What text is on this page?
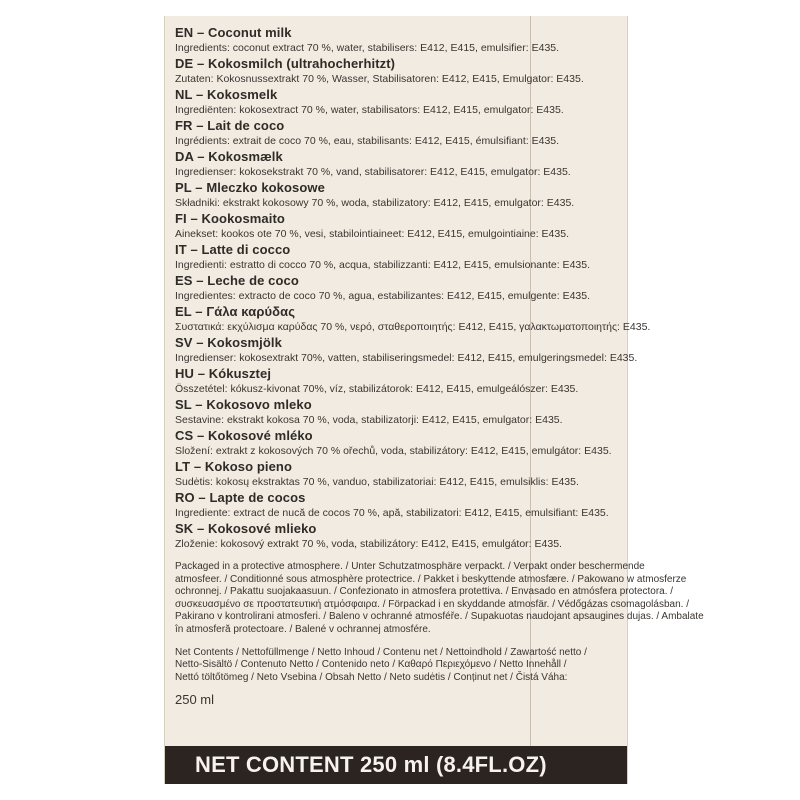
EN – Coconut milk
Ingredients: coconut extract 70 %, water, stabilisers: E412, E415, emulsifier: E435.
DE – Kokosmilch (ultrahocherhitzt)
Zutaten: Kokosnussextrakt 70 %, Wasser, Stabilisatoren: E412, E415, Emulgator: E435.
NL – Kokosmelk
Ingrediënten: kokosextract 70 %, water, stabilisators: E412, E415, emulgator: E435.
FR – Lait de coco
Ingrédients: extrait de coco 70 %, eau, stabilisants: E412, E415, émulsifiant: E435.
DA – Kokosmælk
Ingredienser: kokosekstrakt 70 %, vand, stabilisatorer: E412, E415, emulgator: E435.
PL – Mleczko kokosowe
Składniki: ekstrakt kokosowy 70 %, woda, stabilizatory: E412, E415, emulgator: E435.
FI – Kookosmaito
Ainekset: kookos ote 70 %, vesi, stabilointiaineet: E412, E415, emulgointiaine: E435.
IT – Latte di cocco
Ingredienti: estratto di cocco 70 %, acqua, stabilizzanti: E412, E415, emulsionante: E435.
ES – Leche de coco
Ingredientes: extracto de coco 70 %, agua, estabilizantes: E412, E415, emulgente: E435.
EL – Γάλα καρύδας
Συστατικά: εκχύλισμα καρύδας 70 %, νερό, σταθεροποιητής: E412, E415, γαλακτωματοποιητής: E435.
SV – Kokosmjölk
Ingredienser: kokosextrakt 70%, vatten, stabiliseringsmedel: E412, E415, emulgeringsmedel: E435.
HU – Kókusztej
Összetétel: kókusz-kivonat 70%, víz, stabilizátorok: E412, E415, emulgeálószer: E435.
SL – Kokosovo mleko
Sestavine: ekstrakt kokosa 70 %, voda, stabilizatorji: E412, E415, emulgator: E435.
CS – Kokosové mléko
Složení: extrakt z kokosových 70 % ořechů, voda, stabilizátory: E412, E415, emulgátor: E435.
LT – Kokoso pienо
Sudėtis: kokosų ekstraktas 70 %, vanduo, stabilizatoriai: E412, E415, emulsiklis: E435.
RO – Lapte de cocos
Ingrediente: extract de nucă de cocos 70 %, apă, stabilizatori: E412, E415, emulsifiant: E435.
SK – Kokosové mlieko
Zloženie: kokosový extrakt 70 %, voda, stabilizátory: E412, E415, emulgátor: E435.
Packaged in a protective atmosphere. / Unter Schutzatmosphäre verpackt. / Verpakt onder beschermende
atmosfeer. / Conditionné sous atmosphère protectrice. / Pakket i beskyttende atmosfære. / Pakowano w atmosferze
ochronnej. / Pakattu suojakaasuun. / Confezionato in atmosfera protettiva. / Envasado en atmósfera protectora. /
συσκευασμένο σε προστατευτική ατμόσφαιρα. / Förpackad i en skyddande atmosfär. / Védőgázas csomagolásban. /
Pakirano v kontrolirani atmosferi. / Baleno v ochranné atmosféře. / Supakuotas naudojant apsaugines dujas. / Ambalate
în atmosferă protectoare. / Balené v ochrannej atmosfére.
Net Contents / Nettofüllmenge / Netto Inhoud / Contenu net / Nettoindhold / Zawartość netto /
Netto-Sisältö / Contenuto Netto / Contenido neto / Καθαρό Περιεχόμενο / Netto Innehåll /
Nettó töltőtömeg / Neto Vsebina / Obsah Netto / Neto sudėtis / Conținut net / Čistá Váha:
250 ml
NET CONTENT 250 ml (8.4FL.OZ)
